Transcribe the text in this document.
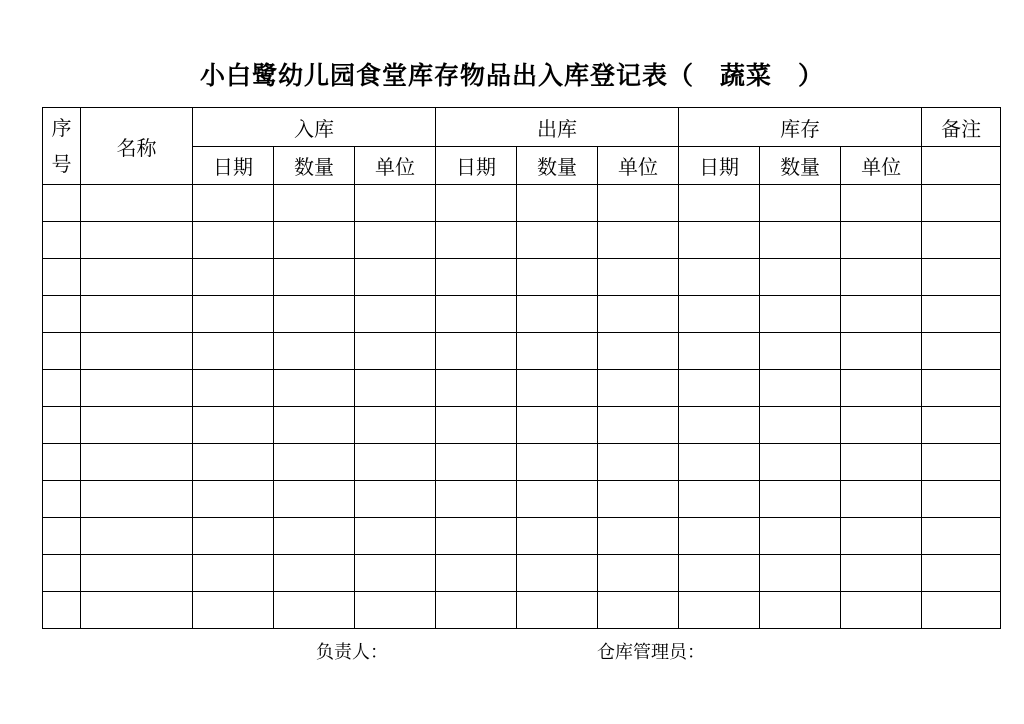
小白鹭幼儿园食堂库存物品出入库登记表（　蔬菜　）
序
号	名称	入库			出库			库存			备注
		日期	数量	单位	日期	数量	单位	日期	数量	单位	

负责人：	仓库管理员：
